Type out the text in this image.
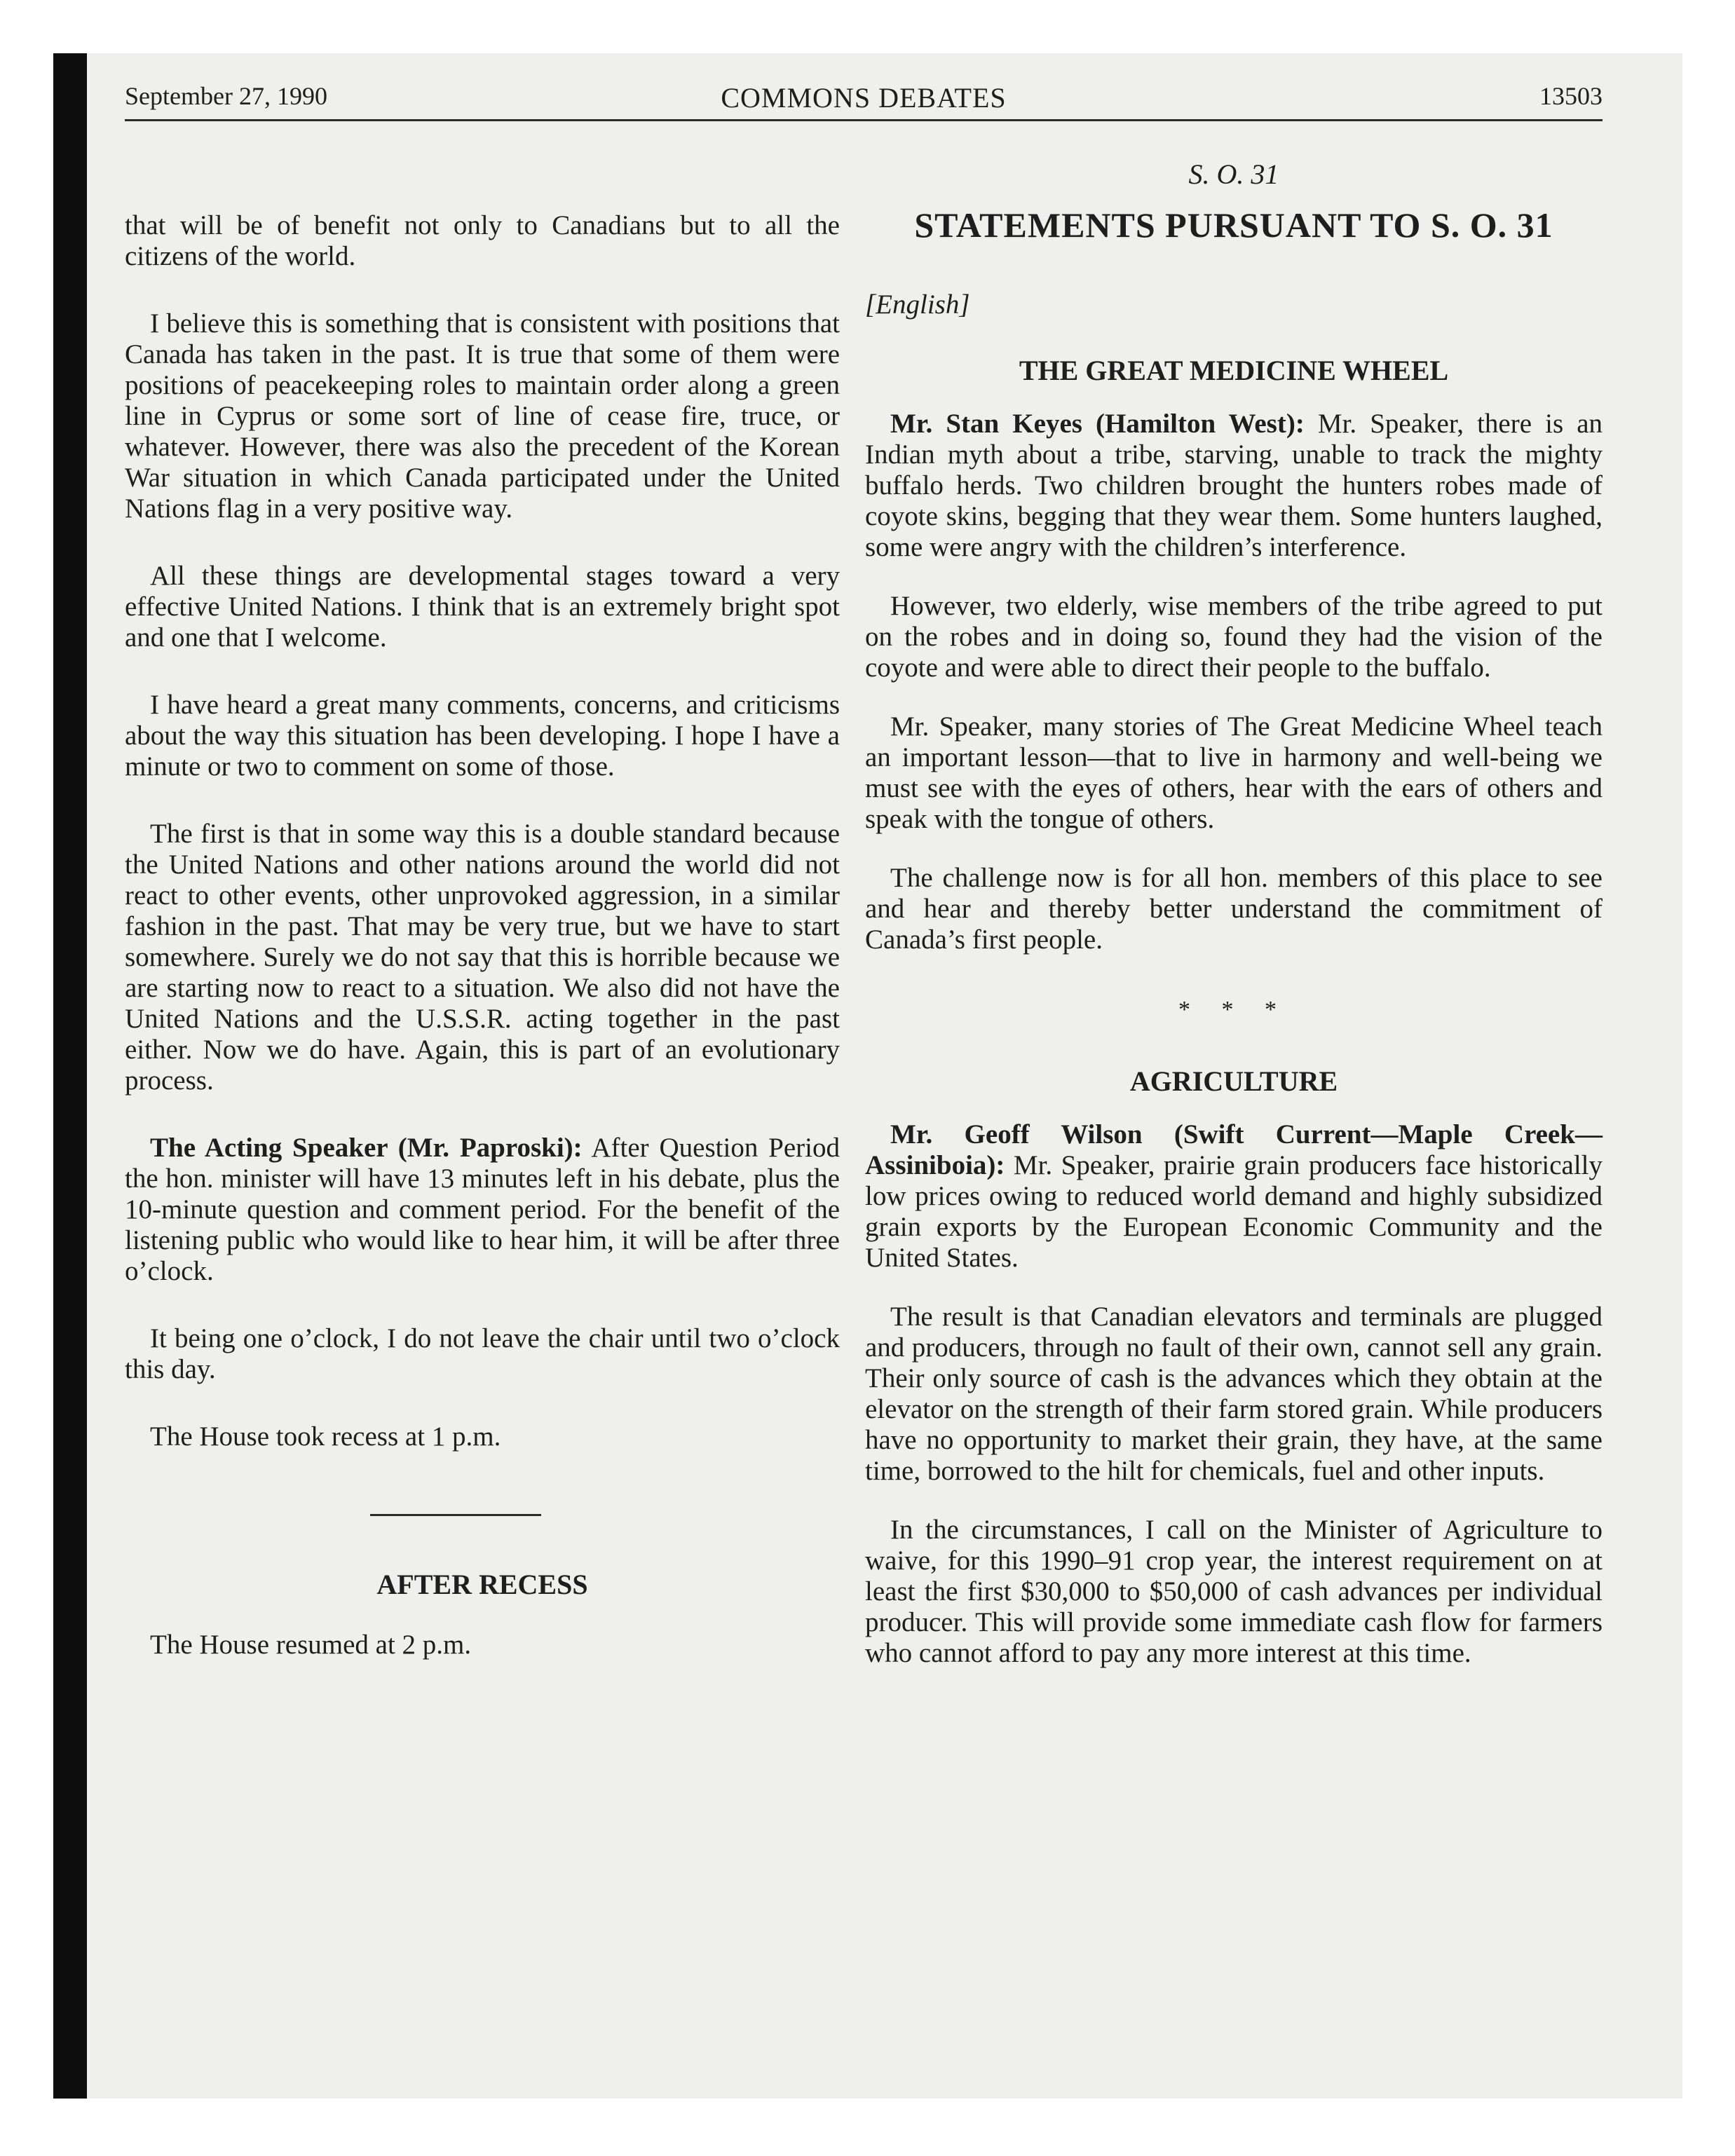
September 27, 1990	COMMONS DEBATES	13503

that will be of benefit not only to Canadians but to all the citizens of the world.

I believe this is something that is consistent with positions that Canada has taken in the past. It is true that some of them were positions of peacekeeping roles to maintain order along a green line in Cyprus or some sort of line of cease fire, truce, or whatever. However, there was also the precedent of the Korean War situation in which Canada participated under the United Nations flag in a very positive way.

All these things are developmental stages toward a very effective United Nations. I think that is an extremely bright spot and one that I welcome.

I have heard a great many comments, concerns, and criticisms about the way this situation has been developing. I hope I have a minute or two to comment on some of those.

The first is that in some way this is a double standard because the United Nations and other nations around the world did not react to other events, other unprovoked aggression, in a similar fashion in the past. That may be very true, but we have to start somewhere. Surely we do not say that this is horrible because we are starting now to react to a situation. We also did not have the United Nations and the U.S.S.R. acting together in the past either. Now we do have. Again, this is part of an evolutionary process.

The Acting Speaker (Mr. Paproski): After Question Period the hon. minister will have 13 minutes left in his debate, plus the 10-minute question and comment period. For the benefit of the listening public who would like to hear him, it will be after three o’clock.

It being one o’clock, I do not leave the chair until two o’clock this day.

The House took recess at 1 p.m.

AFTER RECESS

The House resumed at 2 p.m.

S. O. 31
STATEMENTS PURSUANT TO S. O. 31
[English]
THE GREAT MEDICINE WHEEL

Mr. Stan Keyes (Hamilton West): Mr. Speaker, there is an Indian myth about a tribe, starving, unable to track the mighty buffalo herds. Two children brought the hunters robes made of coyote skins, begging that they wear them. Some hunters laughed, some were angry with the children’s interference.

However, two elderly, wise members of the tribe agreed to put on the robes and in doing so, found they had the vision of the coyote and were able to direct their people to the buffalo.

Mr. Speaker, many stories of The Great Medicine Wheel teach an important lesson—that to live in harmony and well-being we must see with the eyes of others, hear with the ears of others and speak with the tongue of others.

The challenge now is for all hon. members of this place to see and hear and thereby better understand the commitment of Canada’s first people.

* * *
AGRICULTURE

Mr. Geoff Wilson (Swift Current—Maple Creek—Assiniboia): Mr. Speaker, prairie grain producers face historically low prices owing to reduced world demand and highly subsidized grain exports by the European Economic Community and the United States.

The result is that Canadian elevators and terminals are plugged and producers, through no fault of their own, cannot sell any grain. Their only source of cash is the advances which they obtain at the elevator on the strength of their farm stored grain. While producers have no opportunity to market their grain, they have, at the same time, borrowed to the hilt for chemicals, fuel and other inputs.

In the circumstances, I call on the Minister of Agriculture to waive, for this 1990–91 crop year, the interest requirement on at least the first $30,000 to $50,000 of cash advances per individual producer. This will provide some immediate cash flow for farmers who cannot afford to pay any more interest at this time.
